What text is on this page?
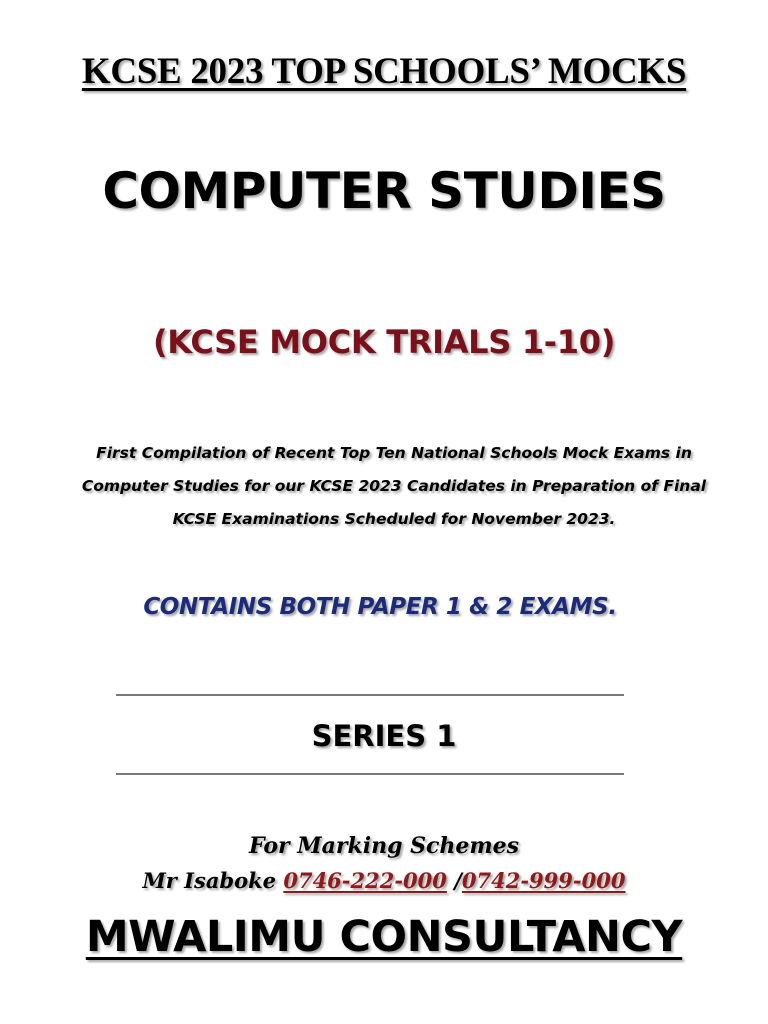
KCSE 2023 TOP SCHOOLS’ MOCKS
COMPUTER STUDIES
(KCSE MOCK TRIALS 1-10)
First Compilation of Recent Top Ten National Schools Mock Exams in
Computer Studies for our KCSE 2023 Candidates in Preparation of Final
KCSE Examinations Scheduled for November 2023.
CONTAINS BOTH PAPER 1 & 2 EXAMS.
SERIES 1
For Marking Schemes
Mr Isaboke 0746-222-000 /0742-999-000
MWALIMU CONSULTANCY
